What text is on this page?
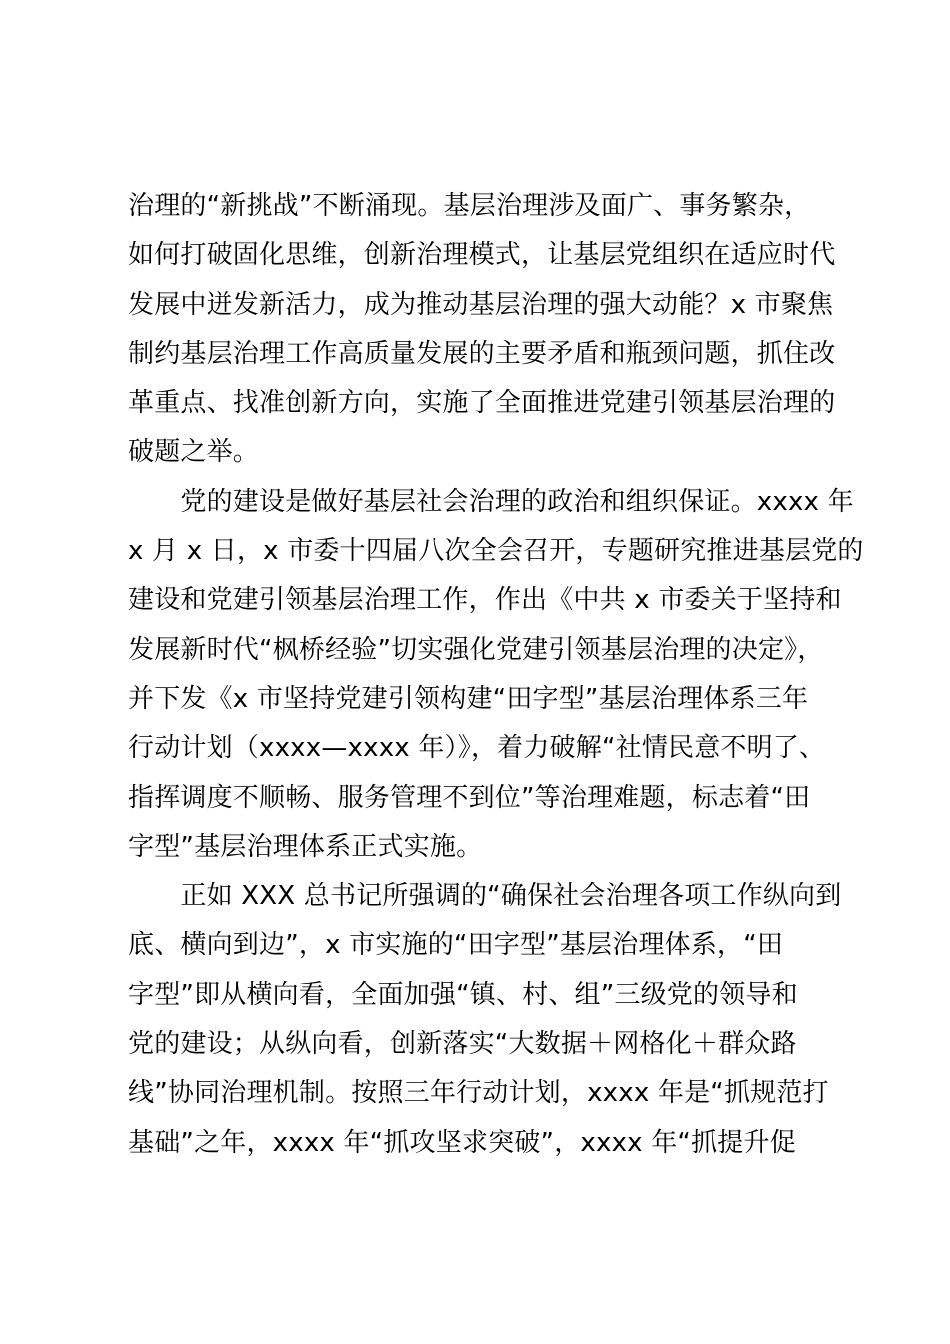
治理的“新挑战”不断涌现。基层治理涉及面广、事务繁杂，
如何打破固化思维，创新治理模式，让基层党组织在适应时代
发展中迸发新活力，成为推动基层治理的强大动能？x 市聚焦
制约基层治理工作高质量发展的主要矛盾和瓶颈问题，抓住改
革重点、找准创新方向，实施了全面推进党建引领基层治理的
破题之举。
　　党的建设是做好基层社会治理的政治和组织保证。xxxx 年
x 月 x 日，x 市委十四届八次全会召开，专题研究推进基层党的
建设和党建引领基层治理工作，作出《中共 x 市委关于坚持和
发展新时代“枫桥经验”切实强化党建引领基层治理的决定》，
并下发《x 市坚持党建引领构建“田字型”基层治理体系三年
行动计划（xxxx—xxxx 年）》，着力破解“社情民意不明了、
指挥调度不顺畅、服务管理不到位”等治理难题，标志着“田
字型”基层治理体系正式实施。
　　正如 XXX 总书记所强调的“确保社会治理各项工作纵向到
底、横向到边”，x 市实施的“田字型”基层治理体系，“田
字型”即从横向看，全面加强“镇、村、组”三级党的领导和
党的建设；从纵向看，创新落实“大数据＋网格化＋群众路
线”协同治理机制。按照三年行动计划，xxxx 年是“抓规范打
基础”之年，xxxx 年“抓攻坚求突破”，xxxx 年“抓提升促
